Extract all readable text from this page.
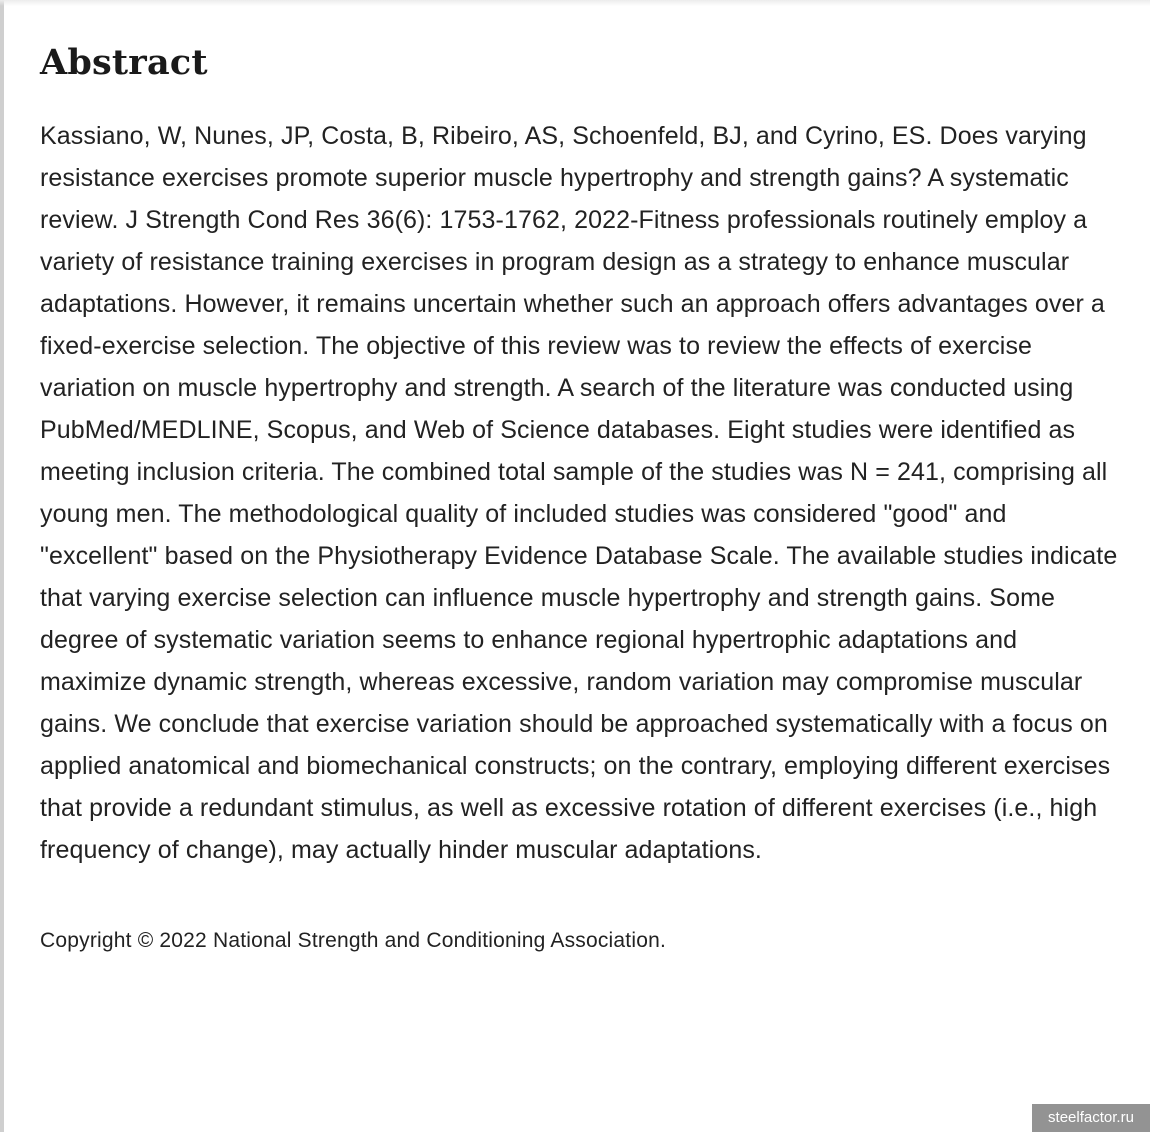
Abstract

Kassiano, W, Nunes, JP, Costa, B, Ribeiro, AS, Schoenfeld, BJ, and Cyrino, ES. Does varying resistance exercises promote superior muscle hypertrophy and strength gains? A systematic review. J Strength Cond Res 36(6): 1753-1762, 2022-Fitness professionals routinely employ a variety of resistance training exercises in program design as a strategy to enhance muscular adaptations. However, it remains uncertain whether such an approach offers advantages over a fixed-exercise selection. The objective of this review was to review the effects of exercise variation on muscle hypertrophy and strength. A search of the literature was conducted using PubMed/MEDLINE, Scopus, and Web of Science databases. Eight studies were identified as meeting inclusion criteria. The combined total sample of the studies was N = 241, comprising all young men. The methodological quality of included studies was considered "good" and "excellent" based on the Physiotherapy Evidence Database Scale. The available studies indicate that varying exercise selection can influence muscle hypertrophy and strength gains. Some degree of systematic variation seems to enhance regional hypertrophic adaptations and maximize dynamic strength, whereas excessive, random variation may compromise muscular gains. We conclude that exercise variation should be approached systematically with a focus on applied anatomical and biomechanical constructs; on the contrary, employing different exercises that provide a redundant stimulus, as well as excessive rotation of different exercises (i.e., high frequency of change), may actually hinder muscular adaptations.

Copyright © 2022 National Strength and Conditioning Association.

steelfactor.ru
